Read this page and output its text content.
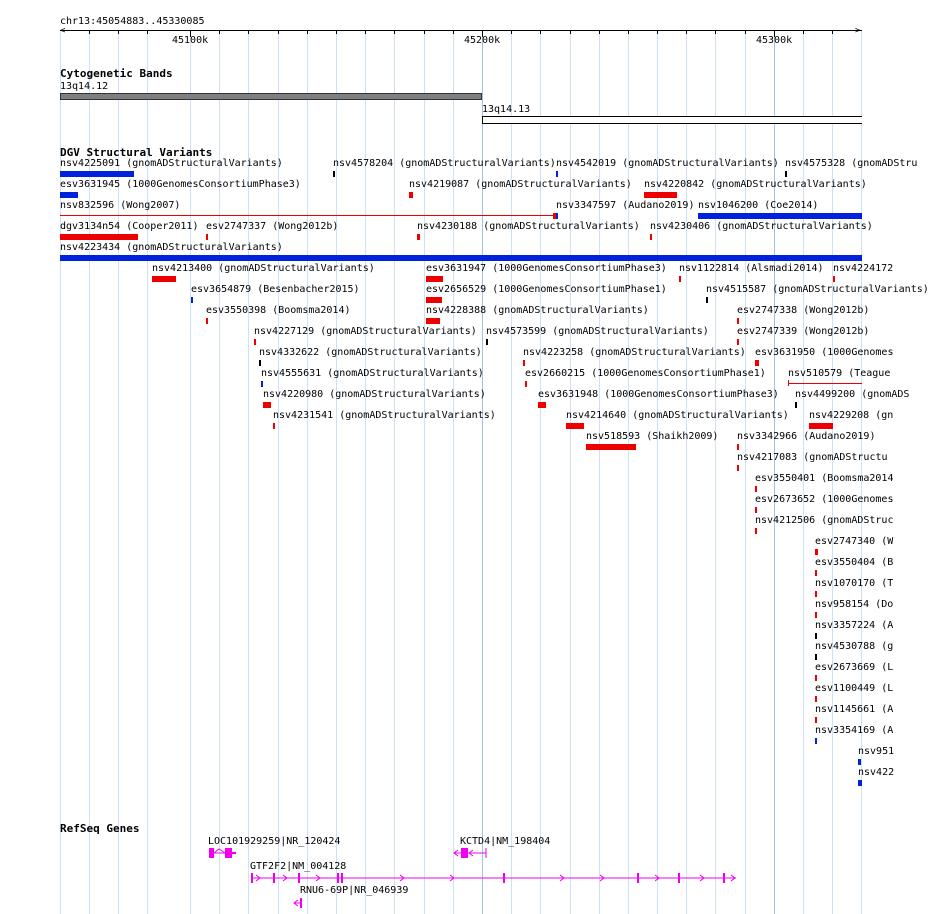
chr13:45054883..45330085
<	>
45100k	45200k	45300k
Cytogenetic Bands
13q14.12
13q14.13
DGV Structural Variants
nsv4225091 (gnomADStructuralVariants)	nsv4578204 (gnomADStructuralVariants) nsv4542019 (gnomADStructuralVariants) nsv4575328 (gnomADStru
esv3631945 (1000GenomesConsortiumPhase3)	nsv4219087 (gnomADStructuralVariants) nsv4220842 (gnomADStructuralVariants)
nsv832596 (Wong2007)	nsv3347597 (Audano2019) nsv1046200 (Coe2014)
dgv3134n54 (Cooper2011) esv2747337 (Wong2012b)	nsv4230188 (gnomADStructuralVariants) nsv4230406 (gnomADStructuralVariants)
nsv4223434 (gnomADStructuralVariants)
nsv4213400 (gnomADStructuralVariants)	esv3631947 (1000GenomesConsortiumPhase3) nsv1122814 (Alsmadi2014) nsv4224172
esv3654879 (Besenbacher2015)	esv2656529 (1000GenomesConsortiumPhase1)	nsv4515587 (gnomADStructuralVariants)
esv3550398 (Boomsma2014)	nsv4228388 (gnomADStructuralVariants)	esv2747338 (Wong2012b)
nsv4227129 (gnomADStructuralVariants) nsv4573599 (gnomADStructuralVariants)	esv2747339 (Wong2012b)
nsv4332622 (gnomADStructuralVariants)	nsv4223258 (gnomADStructuralVariants) esv3631950 (1000Genomes
nsv4555631 (gnomADStructuralVariants)	esv2660215 (1000GenomesConsortiumPhase1) nsv510579 (Teague
nsv4220980 (gnomADStructuralVariants)	esv3631948 (1000GenomesConsortiumPhase3) nsv4499200 (gnomADS
nsv4231541 (gnomADStructuralVariants)	nsv4214640 (gnomADStructuralVariants) nsv4229208 (gn
nsv518593 (Shaikh2009) nsv3342966 (Audano2019)
nsv4217083 (gnomADStructu
esv3550401 (Boomsma2014
esv2673652 (1000Genomes
nsv4212506 (gnomADStruc
esv2747340 (W
esv3550404 (B
nsv1070170 (T
nsv958154 (Do
nsv3357224 (A
nsv4530788 (g
esv2673669 (L
esv1100449 (L
nsv1145661 (A
nsv3354169 (A
nsv951
nsv422
RefSeq Genes
LOC101929259|NR_120424	KCTD4|NM_198404
GTF2F2|NM_004128
RNU6-69P|NR_046939
